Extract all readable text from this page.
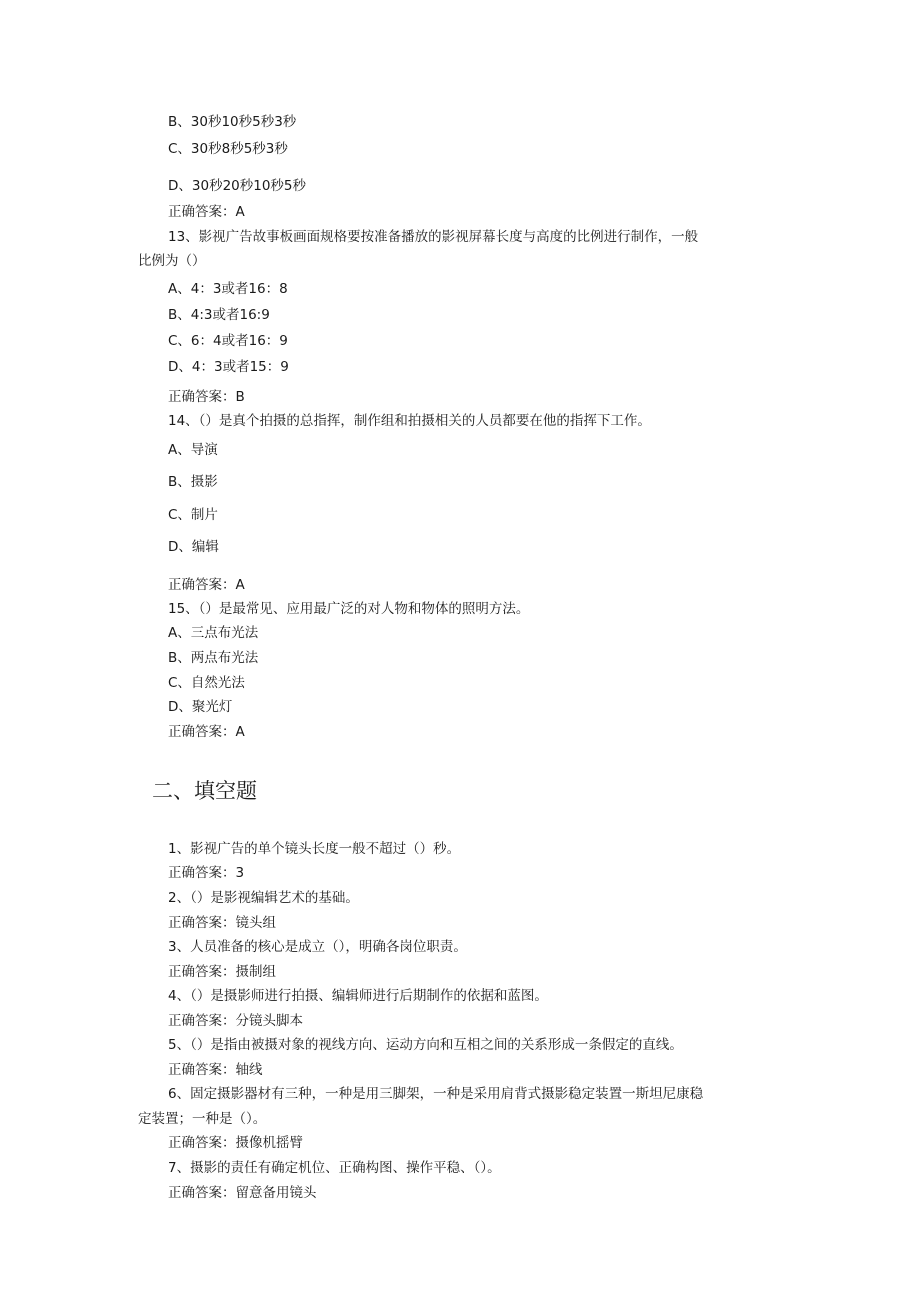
B、30秒10秒5秒3秒
C、30秒8秒5秒3秒
D、30秒20秒10秒5秒
正确答案：A
13、影视广告故事板画面规格要按准备播放的影视屏幕长度与高度的比例进行制作，一般
比例为（）
A、4：3或者16：8
B、4:3或者16:9
C、6：4或者16：9
D、4：3或者15：9
正确答案：B
14、（）是真个拍摄的总指挥，制作组和拍摄相关的人员都要在他的指挥下工作。
A、导演
B、摄影
C、制片
D、编辑
正确答案：A
15、（）是最常见、应用最广泛的对人物和物体的照明方法。
A、三点布光法
B、两点布光法
C、自然光法
D、聚光灯
正确答案：A
二、填空题
1、影视广告的单个镜头长度一般不超过（）秒。
正确答案：3
2、（）是影视编辑艺术的基础。
正确答案：镜头组
3、人员准备的核心是成立（），明确各岗位职责。
正确答案：摄制组
4、（）是摄影师进行拍摄、编辑师进行后期制作的依据和蓝图。
正确答案：分镜头脚本
5、（）是指由被摄对象的视线方向、运动方向和互相之间的关系形成一条假定的直线。
正确答案：轴线
6、固定摄影器材有三种，一种是用三脚架，一种是采用肩背式摄影稳定装置一斯坦尼康稳
定装置；一种是（）。
正确答案：摄像机摇臂
7、摄影的责任有确定机位、正确构图、操作平稳、（）。
正确答案：留意备用镜头
